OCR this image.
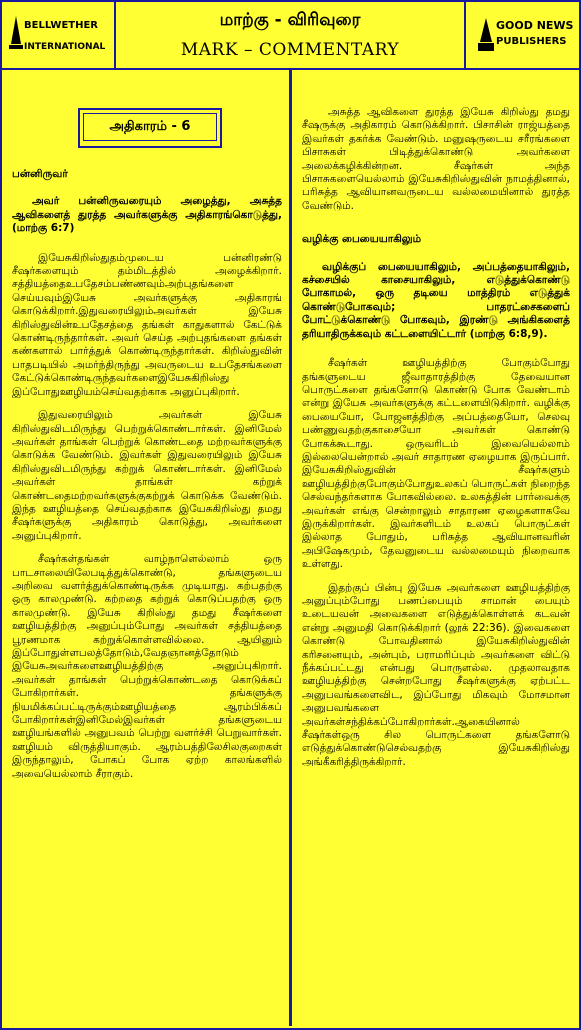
BELLWETHER
INTERNATIONAL
மாற்கு - விரிவுரை
MARK – COMMENTARY
GOOD NEWS
PUBLISHERS
அதிகாரம் - 6

பன்னிருவர்

அவர் பன்னிருவரையும் அழைத்து, அசுத்த ஆவிகளைத் துரத்த அவர்களுக்கு அதிகாரங்கொடுத்து, (மாற்கு 6:7)

இயேசுகிறிஸ்துதம்முடைய பன்னிரண்டு சீஷர்களையும் தம்மிடத்தில் அழைக்கிறார். சத்தியத்தைஉபதேசம்பண்ணவும்அற்புதங்களை செய்யவும்இயேசு அவர்களுக்கு அதிகாரங் கொடுக்கிறார்.இதுவரையிலும்அவர்கள் இயேசு கிறிஸ்துவின்உபதேசத்தை தங்கள் காதுகளால் கேட்டுக் கொண்டிருந்தார்கள். அவர் செய்த அற்புதங்களை தங்கள் கண்களால் பார்த்துக் கொண்டிருந்தார்கள். கிறிஸ்துவின் பாதபடியில் அமர்ந்திருந்து அவருடைய உபதேசங்களை கேட்டுக்கொண்டிருந்தவர்களைஇயேசுகிறிஸ்து இப்போதுஊழியம்செய்வதற்காக அனுப்புகிறார்.

இதுவரையிலும் அவர்கள் இயேசு கிறிஸ்துவிடமிருந்து பெற்றுக்கொண்டார்கள். இனிமேல் அவர்கள் தாங்கள் பெற்றுக் கொண்டதை மற்றவர்களுக்கு கொடுக்க வேண்டும். இவர்கள் இதுவரையிலும் இயேசு கிறிஸ்துவிடமிருந்து கற்றுக் கொண்டார்கள். இனிமேல் அவர்கள் தாங்கள் கற்றுக் கொண்டதைமற்றவர்களுக்குகற்றுக் கொடுக்க வேண்டும். இந்த ஊழியத்தை செய்வதற்காக இயேசுகிறிஸ்து தமது சீஷர்களுக்கு அதிகாரம் கொடுத்து, அவர்களை அனுப்புகிறார்.

சீஷர்கள்தங்கள் வாழ்நாளெல்லாம் ஒரு பாடசாலையிலேபடித்துக்கொண்டு, தங்களுடைய அறிவை வளர்த்துக்கொண்டிருக்க முடியாது. கற்பதற்கு ஒரு காலமுண்டு. கற்றதை கற்றுக் கொடுப்பதற்கு ஒரு காலமுண்டு. இயேசு கிறிஸ்து தமது சீஷர்களை ஊழியத்திற்கு அனுப்பும்போது அவர்கள் சத்தியத்தை பூரணமாக கற்றுக்கொள்ளவில்லை. ஆயினும் இப்போதுள்ளபலத்தோடும்,வேதஞானத்தோடும் இயேசுஅவர்களைஊழியத்திற்கு அனுப்புகிறார். அவர்கள் தாங்கள் பெற்றுக்கொண்டதை கொடுக்கப் போகிறார்கள். தங்களுக்கு நியமிக்கப்பட்டிருக்கும்ஊழியத்தை ஆரம்பிக்கப் போகிறார்கள்இனிமேல்இவர்கள் தங்களுடைய ஊழியங்களில் அனுபவம் பெற்று வளர்ச்சி பெறுவார்கள். ஊழியம் விருத்தியாகும். ஆரம்பத்திலேசிலகுறைகள் இருந்தாலும், போகப் போக ஏற்ற காலங்களில் அவையெல்லாம் சீராகும்.

அசுத்த ஆவிகளை துரத்த இயேசு கிறிஸ்து தமது சீஷருக்கு அதிகாரம் கொடுக்கிறார். பிசாசின் ராஜ்யத்தை இவர்கள் தகர்க்க வேண்டும். மனுஷருடைய சரீரங்களை பிசாசுகள் பிடித்துக்கொண்டு அவர்களை அலைக்கழிக்கின்றன. சீஷர்கள் அந்த பிசாசுகளையெல்லாம் இயேசுகிறிஸ்துவின் நாமத்தினால், பரிசுத்த ஆவியானவருடைய வல்லமையினால் துரத்த வேண்டும்.

வழிக்கு பையையாகிலும்

வழிக்குப் பையையாகிலும், அப்பத்தையாகிலும், கச்சையில் காசையாகிலும், எடுத்துக்கொண்டு போகாமல், ஒரு தடியை மாத்திரம் எடுத்துக் கொண்டுபோகவும்; பாதரட்சைகளைப் போட்டுக்கொண்டு போகவும், இரண்டு அங்கிகளைத் தரியாதிருக்கவும் கட்டளையிட்டார் (மாற்கு 6:8,9).

சீஷர்கள் ஊழியத்திற்கு போகும்போது தங்களுடைய ஜீவாதாரத்திற்கு தேவையான பொருட்களை தங்களோடு கொண்டு போக வேண்டாம் என்று இயேசு அவர்களுக்கு கட்டளையிடுகிறார். வழிக்கு பையையோ, போஜனத்திற்கு அப்பத்தையோ, செலவு பண்ணுவதற்குகாசையோ அவர்கள் கொண்டு போகக்கூடாது. ஒருவரிடம் இவையெல்லாம் இல்லையென்றால் அவர் சாதாரண ஏழையாக இருப்பார். இயேசுகிறிஸ்துவின் சீஷர்களும் ஊழியத்திற்குபோகும்போதுஉலகப் பொருட்கள் நிறைந்த செல்வந்தர்களாக போகவில்லை. உலகத்தின் பார்வைக்கு அவர்கள் எங்கு சென்றாலும் சாதாரண ஏழைகளாகவே இருக்கிறார்கள். இவர்களிடம் உலகப் பொருட்கள் இல்லாத போதும், பரிசுத்த ஆவியானவரின் அபிஷேகமும், தேவனுடைய வல்லமையும் நிறைவாக உள்ளது.

இதற்குப் பின்பு இயேசு அவர்களை ஊழியத்திற்கு அனுப்பும்போது பணப்பையும் சாமான் பையும் உடையவன் அவைகளை எடுத்துக்கொள்ளக் கடவன் என்று அனுமதி கொடுக்கிறார் (லூக் 22:36). இவைகளை கொண்டு போவதினால் இயேசுகிறிஸ்துவின் கரிசனையும், அன்பும், பராமரிப்பும் அவர்களை விட்டு நீக்கப்பட்டது என்பது பொருளல்ல. முதலாவதாக ஊழியத்திற்கு சென்றபோது சீஷர்களுக்கு ஏற்பட்ட அனுபவங்களைவிட, இப்போது மிகவும் மோசமான அனுபவங்களை அவர்கள்சந்திக்கப்போகிறார்கள்.ஆகையினால் சீஷர்கள்ஒரு சில பொருட்களை தங்களோடு எடுத்துக்கொண்டுசெல்வதற்கு இயேசுகிறிஸ்து அங்கீகரித்திருக்கிறார்.
